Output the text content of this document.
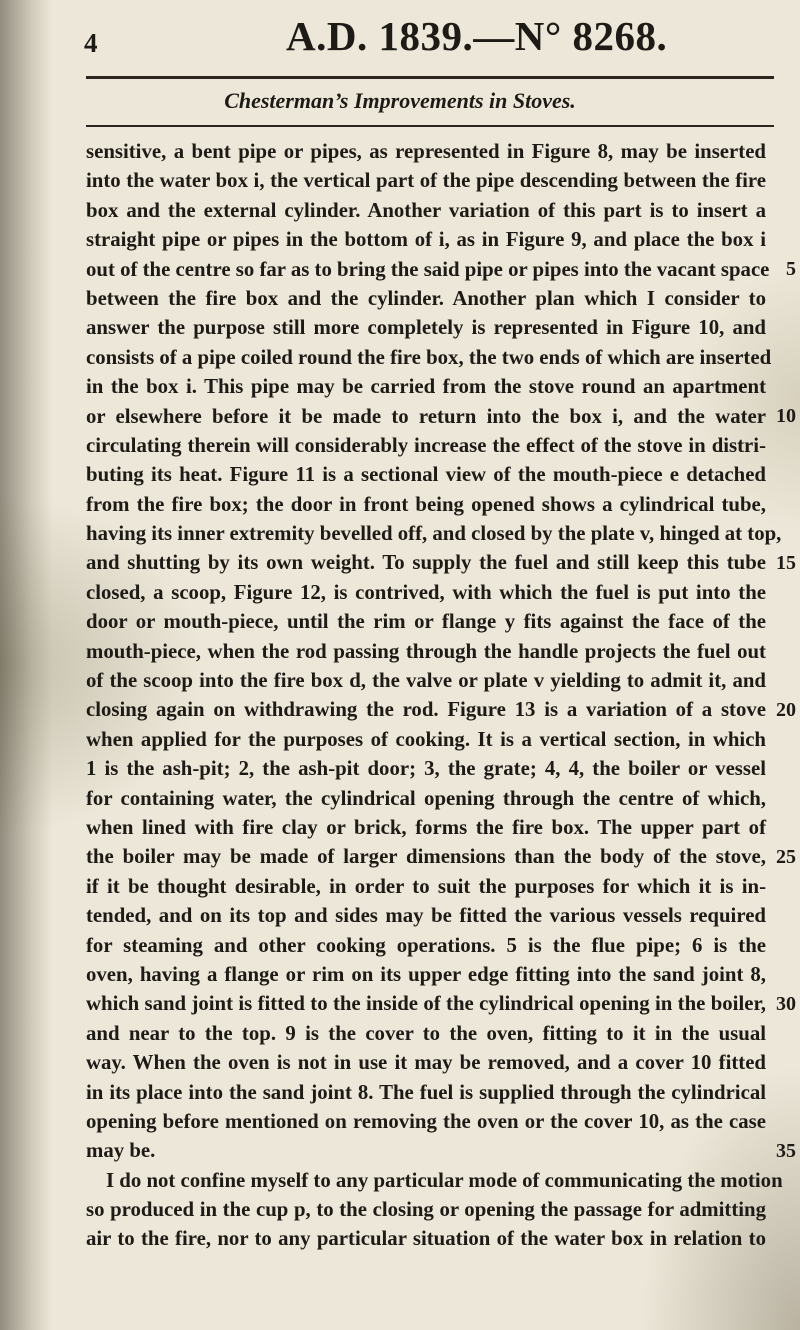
4	A.D. 1839.—N° 8268.
Chesterman’s Improvements in Stoves.
sensitive, a bent pipe or pipes, as represented in Figure 8, may be inserted
into the water box i, the vertical part of the pipe descending between the fire
box and the external cylinder. Another variation of this part is to insert a
straight pipe or pipes in the bottom of i, as in Figure 9, and place the box i
out of the centre so far as to bring the said pipe or pipes into the vacant space
between the fire box and the cylinder. Another plan which I consider to
answer the purpose still more completely is represented in Figure 10, and
consists of a pipe coiled round the fire box, the two ends of which are inserted
in the box i. This pipe may be carried from the stove round an apartment
or elsewhere before it be made to return into the box i, and the water
circulating therein will considerably increase the effect of the stove in distri-
buting its heat. Figure 11 is a sectional view of the mouth-piece e detached
from the fire box; the door in front being opened shows a cylindrical tube,
having its inner extremity bevelled off, and closed by the plate v, hinged at top,
and shutting by its own weight. To supply the fuel and still keep this tube
closed, a scoop, Figure 12, is contrived, with which the fuel is put into the
door or mouth-piece, until the rim or flange y fits against the face of the
mouth-piece, when the rod passing through the handle projects the fuel out
of the scoop into the fire box d, the valve or plate v yielding to admit it, and
closing again on withdrawing the rod. Figure 13 is a variation of a stove
when applied for the purposes of cooking. It is a vertical section, in which
1 is the ash-pit; 2, the ash-pit door; 3, the grate; 4, 4, the boiler or vessel
for containing water, the cylindrical opening through the centre of which,
when lined with fire clay or brick, forms the fire box. The upper part of
the boiler may be made of larger dimensions than the body of the stove,
if it be thought desirable, in order to suit the purposes for which it is in-
tended, and on its top and sides may be fitted the various vessels required
for steaming and other cooking operations. 5 is the flue pipe; 6 is the
oven, having a flange or rim on its upper edge fitting into the sand joint 8,
which sand joint is fitted to the inside of the cylindrical opening in the boiler,
and near to the top. 9 is the cover to the oven, fitting to it in the usual
way. When the oven is not in use it may be removed, and a cover 10 fitted
in its place into the sand joint 8. The fuel is supplied through the cylindrical
opening before mentioned on removing the oven or the cover 10, as the case
may be.
I do not confine myself to any particular mode of communicating the motion
so produced in the cup p, to the closing or opening the passage for admitting
air to the fire, nor to any particular situation of the water box in relation to
5
10
15
20
25
30
35
